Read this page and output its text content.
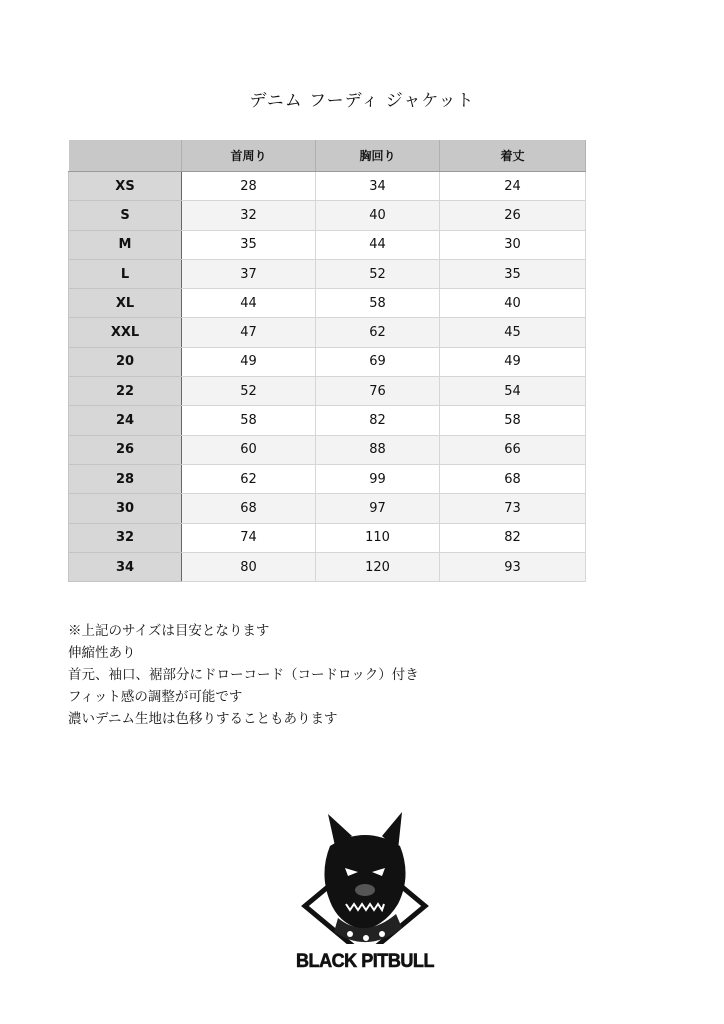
デニム フーディ ジャケット
	首周り	胸回り	着丈
XS	28	34	24
S	32	40	26
M	35	44	30
L	37	52	35
XL	44	58	40
XXL	47	62	45
20	49	69	49
22	52	76	54
24	58	82	58
26	60	88	66
28	62	99	68
30	68	97	73
32	74	110	82
34	80	120	93
※上記のサイズは目安となります
伸縮性あり
首元、袖口、裾部分にドローコード（コードロック）付き
フィット感の調整が可能です
濃いデニム生地は色移りすることもあります
BLACK PITBULL
